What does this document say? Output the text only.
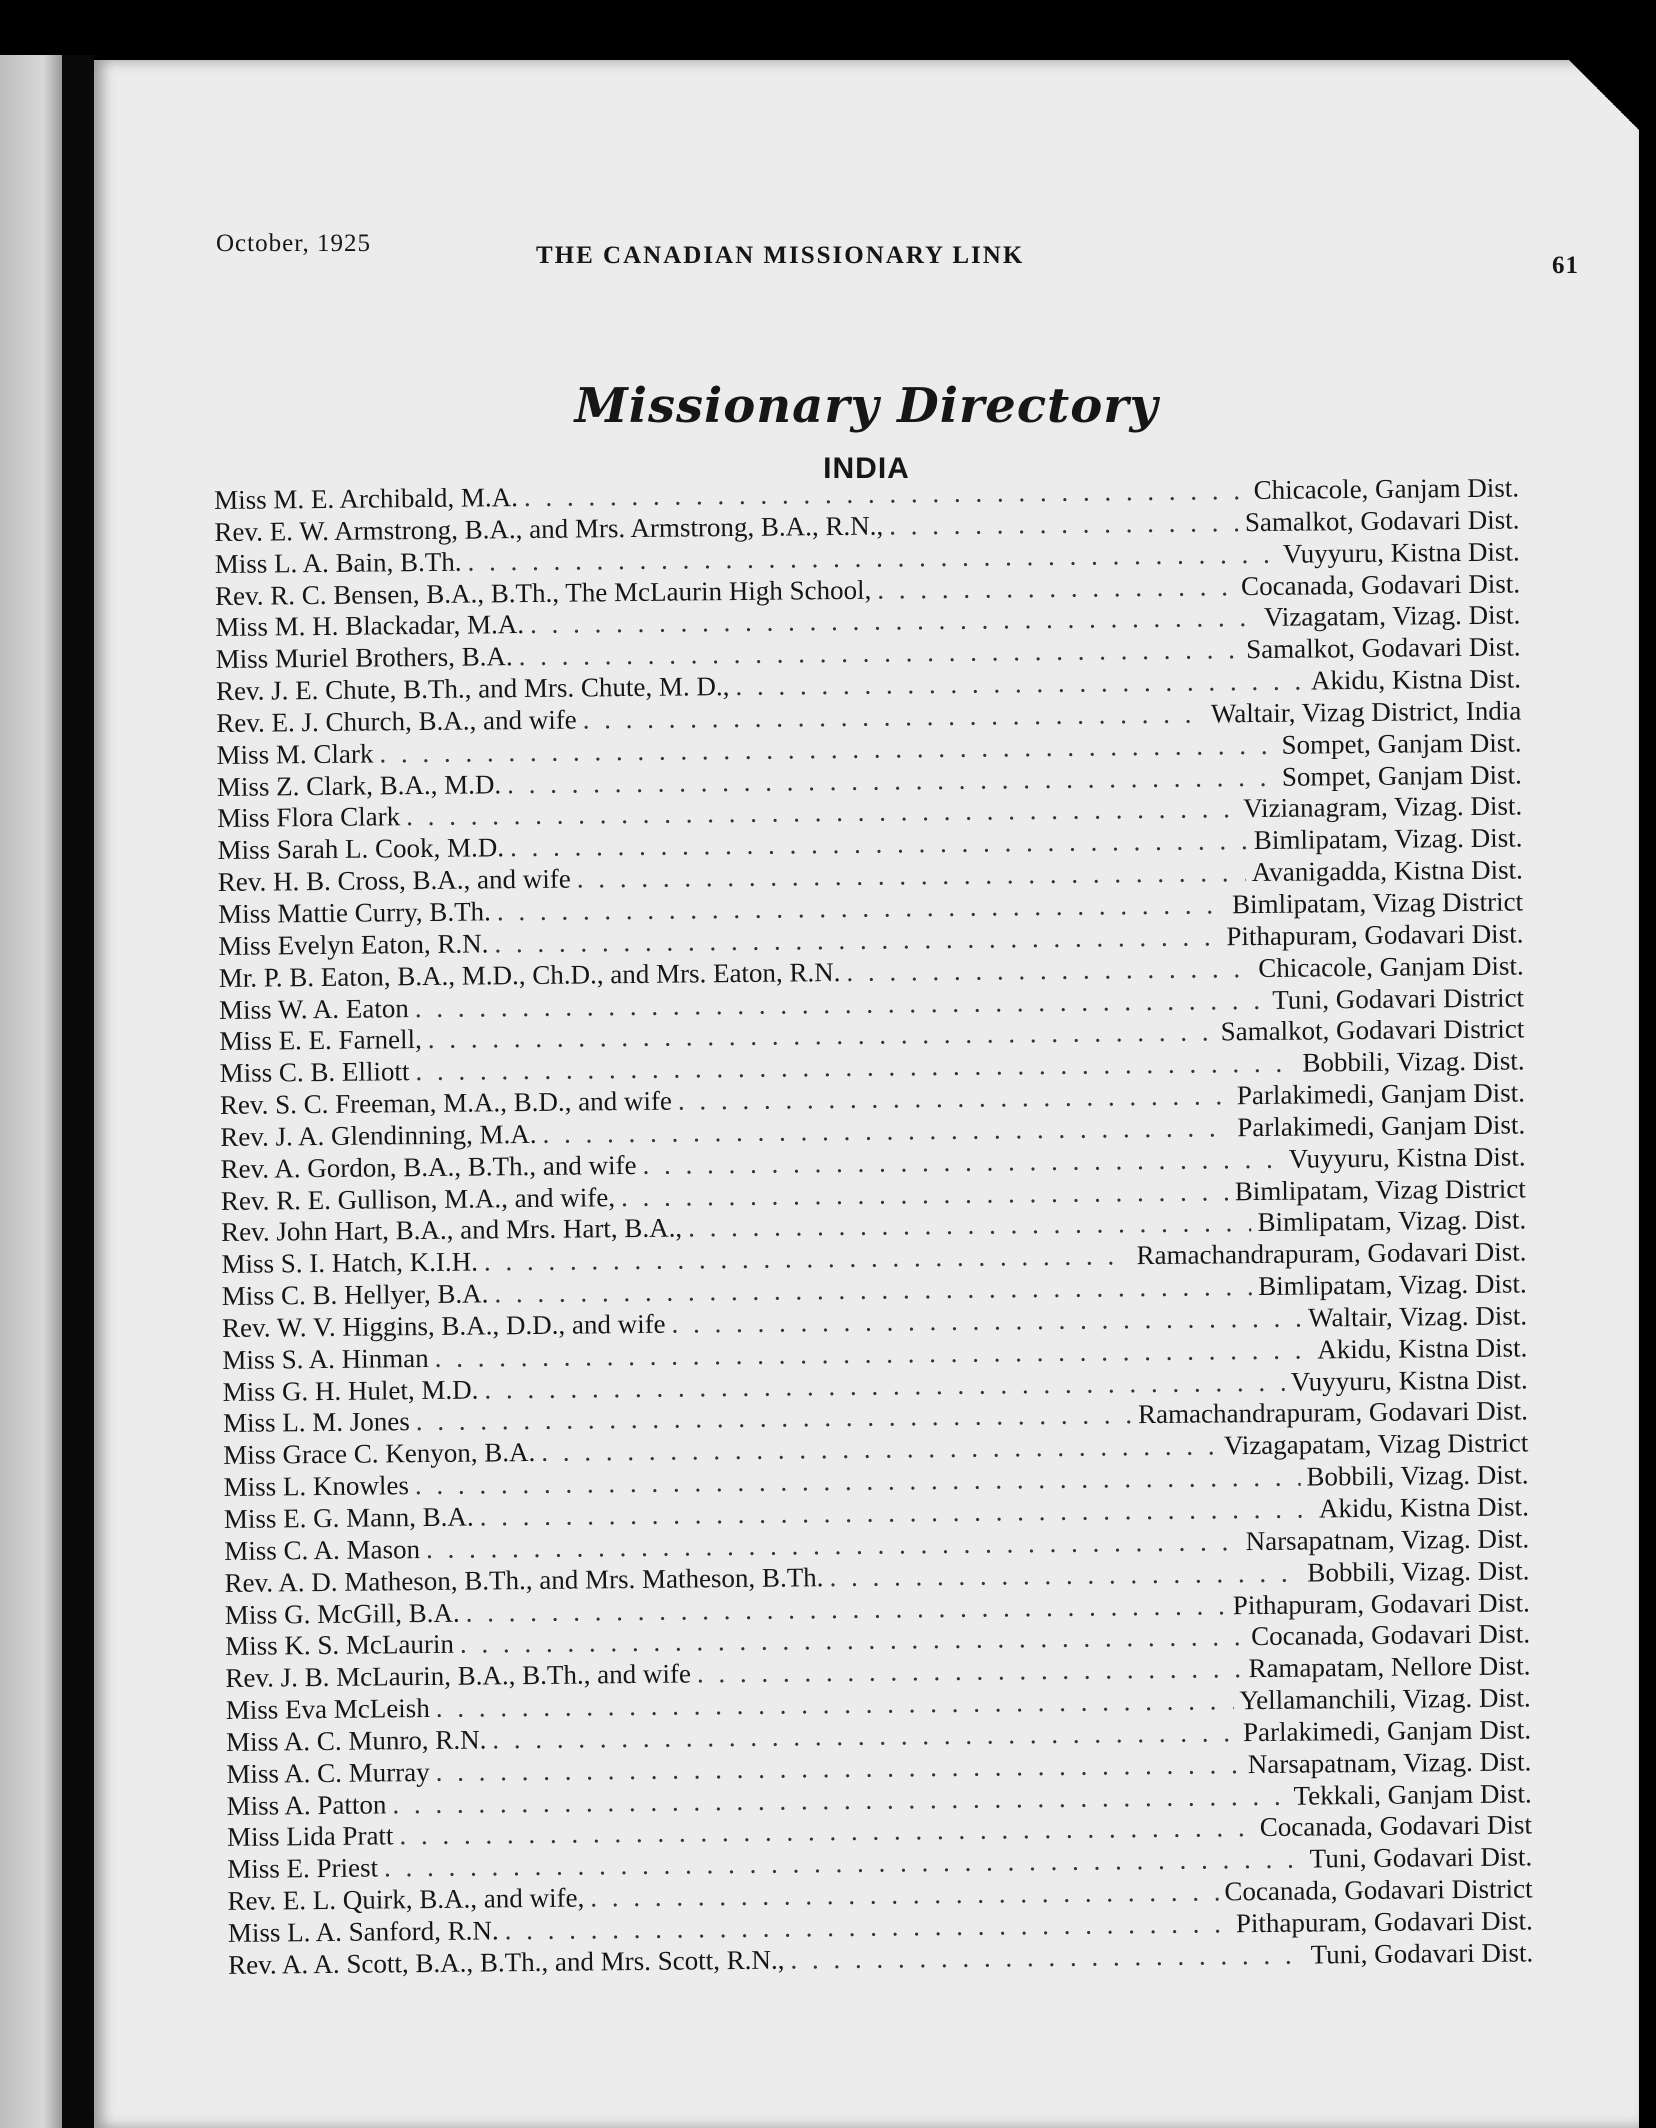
October, 1925	THE CANADIAN MISSIONARY LINK	61
Missionary Directory
INDIA
Miss M. E. Archibald, M.A. . . .	Chicacole, Ganjam Dist.
Rev. E. W. Armstrong, B.A., and Mrs. Armstrong, B.A., R.N., . . .	Samalkot, Godavari Dist.
Miss L. A. Bain, B.Th. . . .	Vuyyuru, Kistna Dist.
Rev. R. C. Bensen, B.A., B.Th., The McLaurin High School, . . .	Cocanada, Godavari Dist.
Miss M. H. Blackadar, M.A. . . .	Vizagatam, Vizag. Dist.
Miss Muriel Brothers, B.A. . . .	Samalkot, Godavari Dist.
Rev. J. E. Chute, B.Th., and Mrs. Chute, M. D., . . .	Akidu, Kistna Dist.
Rev. E. J. Church, B.A., and wife . . .	Waltair, Vizag District, India
Miss M. Clark . . .	Sompet, Ganjam Dist.
Miss Z. Clark, B.A., M.D. . . .	Sompet, Ganjam Dist.
Miss Flora Clark . . .	Vizianagram, Vizag. Dist.
Miss Sarah L. Cook, M.D. . . .	Bimlipatam, Vizag. Dist.
Rev. H. B. Cross, B.A., and wife . . .	Avanigadda, Kistna Dist.
Miss Mattie Curry, B.Th. . . .	Bimlipatam, Vizag District
Miss Evelyn Eaton, R.N. . . .	Pithapuram, Godavari Dist.
Mr. P. B. Eaton, B.A., M.D., Ch.D., and Mrs. Eaton, R.N. . . .	Chicacole, Ganjam Dist.
Miss W. A. Eaton . . .	Tuni, Godavari District
Miss E. E. Farnell, . . .	Samalkot, Godavari District
Miss C. B. Elliott . . .	Bobbili, Vizag. Dist.
Rev. S. C. Freeman, M.A., B.D., and wife . . .	Parlakimedi, Ganjam Dist.
Rev. J. A. Glendinning, M.A. . . .	Parlakimedi, Ganjam Dist.
Rev. A. Gordon, B.A., B.Th., and wife . . .	Vuyyuru, Kistna Dist.
Rev. R. E. Gullison, M.A., and wife, . . .	Bimlipatam, Vizag District
Rev. John Hart, B.A., and Mrs. Hart, B.A., . . .	Bimlipatam, Vizag. Dist.
Miss S. I. Hatch, K.I.H. . . .	Ramachandrapuram, Godavari Dist.
Miss C. B. Hellyer, B.A. . . .	Bimlipatam, Vizag. Dist.
Rev. W. V. Higgins, B.A., D.D., and wife . . .	Waltair, Vizag. Dist.
Miss S. A. Hinman . . .	Akidu, Kistna Dist.
Miss G. H. Hulet, M.D. . . .	Vuyyuru, Kistna Dist.
Miss L. M. Jones . . .	Ramachandrapuram, Godavari Dist.
Miss Grace C. Kenyon, B.A. . . .	Vizagapatam, Vizag District
Miss L. Knowles . . .	Bobbili, Vizag. Dist.
Miss E. G. Mann, B.A. . . .	Akidu, Kistna Dist.
Miss C. A. Mason . . .	Narsapatnam, Vizag. Dist.
Rev. A. D. Matheson, B.Th., and Mrs. Matheson, B.Th. . . .	Bobbili, Vizag. Dist.
Miss G. McGill, B.A. . . .	Pithapuram, Godavari Dist.
Miss K. S. McLaurin . . .	Cocanada, Godavari Dist.
Rev. J. B. McLaurin, B.A., B.Th., and wife . . .	Ramapatam, Nellore Dist.
Miss Eva McLeish . . .	Yellamanchili, Vizag. Dist.
Miss A. C. Munro, R.N. . . .	Parlakimedi, Ganjam Dist.
Miss A. C. Murray . . .	Narsapatnam, Vizag. Dist.
Miss A. Patton . . .	Tekkali, Ganjam Dist.
Miss Lida Pratt . . .	Cocanada, Godavari Dist
Miss E. Priest . . .	Tuni, Godavari Dist.
Rev. E. L. Quirk, B.A., and wife, . . .	Cocanada, Godavari District
Miss L. A. Sanford, R.N. . . .	Pithapuram, Godavari Dist.
Rev. A. A. Scott, B.A., B.Th., and Mrs. Scott, R.N., . . .	Tuni, Godavari Dist.
